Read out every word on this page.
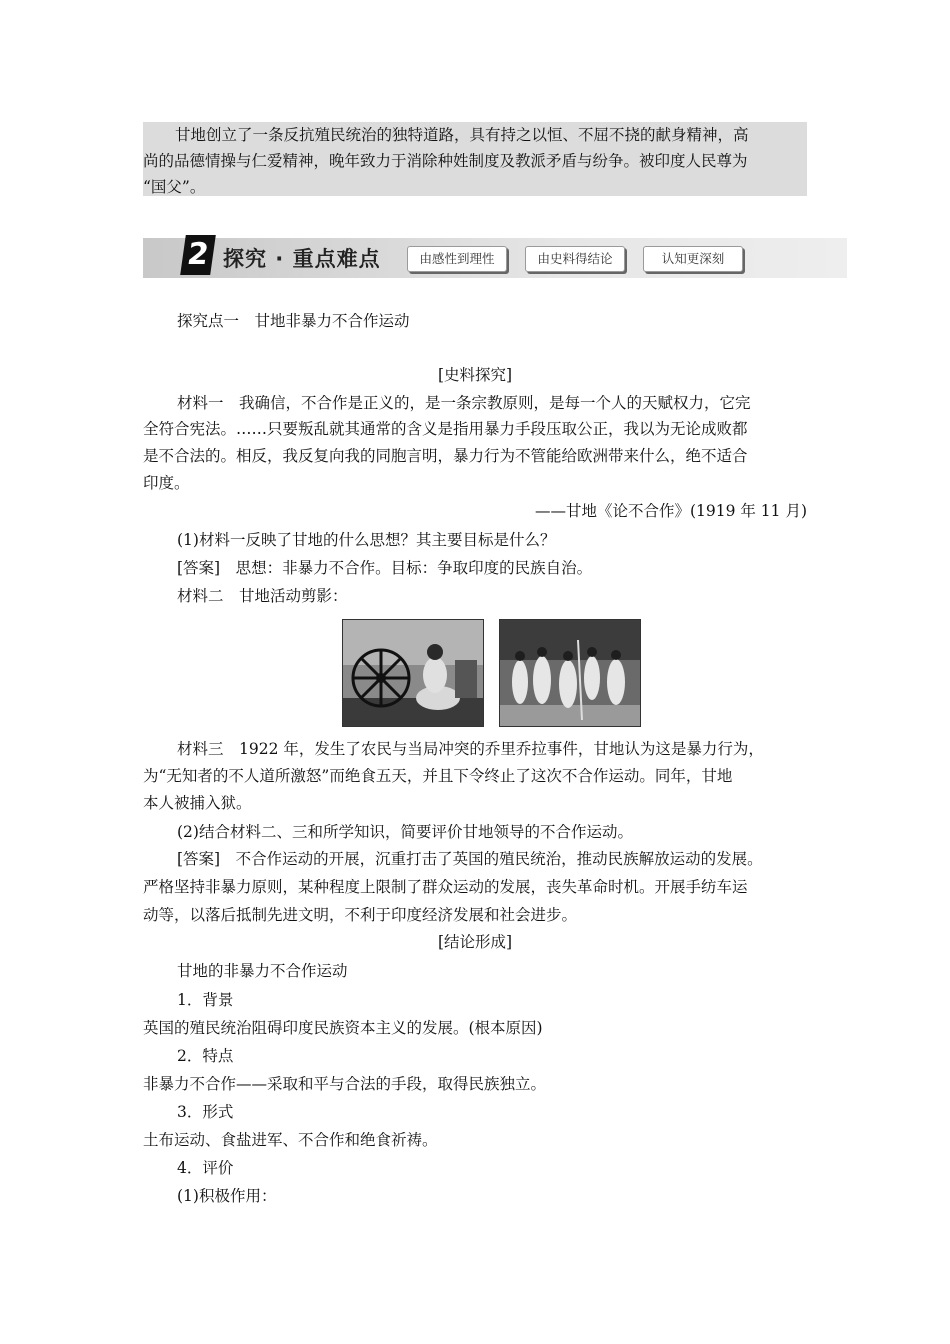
甘地创立了一条反抗殖民统治的独特道路，具有持之以恒、不屈不挠的献身精神，高

尚的品德情操与仁爱精神，晚年致力于消除种姓制度及教派矛盾与纷争。被印度人民尊为

“国父”。

2 探究 · 重点难点	由感性到理性	由史料得结论	认知更深刻
探究点一　甘地非暴力不合作运动
[史料探究]
材料一　我确信，不合作是正义的，是一条宗教原则，是每一个人的天赋权力，它完
全符合宪法。……只要叛乱就其通常的含义是指用暴力手段压取公正，我以为无论成败都
是不合法的。相反，我反复向我的同胞言明，暴力行为不管能给欧洲带来什么，绝不适合
印度。
——甘地《论不合作》(1919 年 11 月)
(1)材料一反映了甘地的什么思想？其主要目标是什么？
[答案]　思想：非暴力不合作。目标：争取印度的民族自治。
材料二　甘地活动剪影：
材料三　1922 年，发生了农民与当局冲突的乔里乔拉事件，甘地认为这是暴力行为，
为“无知者的不人道所激怒”而绝食五天，并且下令终止了这次不合作运动。同年，甘地
本人被捕入狱。
(2)结合材料二、三和所学知识，简要评价甘地领导的不合作运动。
[答案]　不合作运动的开展，沉重打击了英国的殖民统治，推动民族解放运动的发展。
严格坚持非暴力原则，某种程度上限制了群众运动的发展，丧失革命时机。开展手纺车运
动等，以落后抵制先进文明，不利于印度经济发展和社会进步。
[结论形成]
甘地的非暴力不合作运动
1．背景
英国的殖民统治阻碍印度民族资本主义的发展。(根本原因)
2．特点
非暴力不合作——采取和平与合法的手段，取得民族独立。
3．形式
土布运动、食盐进军、不合作和绝食祈祷。
4．评价
(1)积极作用：
